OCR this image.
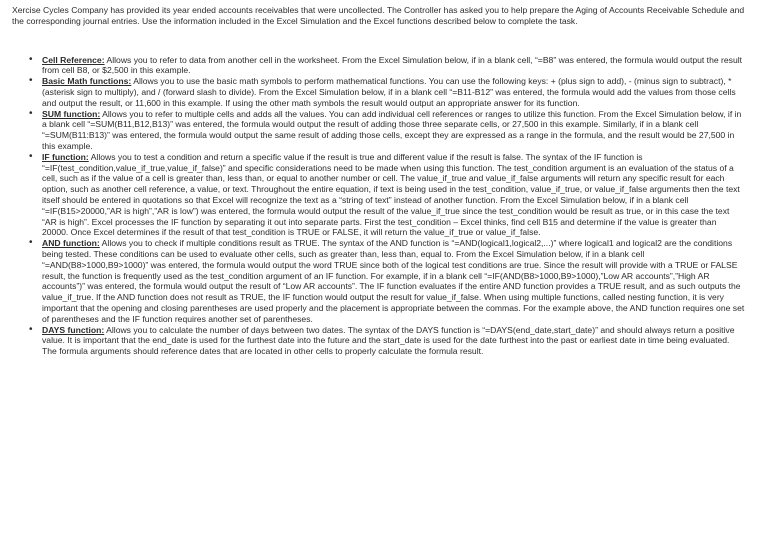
Xercise Cycles Company has provided its year ended accounts receivables that were uncollected. The Controller has asked you to help prepare the Aging of Accounts Receivable Schedule and the corresponding journal entries. Use the information included in the Excel Simulation and the Excel functions described below to complete the task.

• Cell Reference: Allows you to refer to data from another cell in the worksheet. From the Excel Simulation below, if in a blank cell, “=B8” was entered, the formula would output the result from cell B8, or $2,500 in this example.
• Basic Math functions: Allows you to use the basic math symbols to perform mathematical functions. You can use the following keys: + (plus sign to add), - (minus sign to subtract), * (asterisk sign to multiply), and / (forward slash to divide). From the Excel Simulation below, if in a blank cell “=B11-B12” was entered, the formula would add the values from those cells and output the result, or 11,600 in this example. If using the other math symbols the result would output an appropriate answer for its function.
• SUM function: Allows you to refer to multiple cells and adds all the values. You can add individual cell references or ranges to utilize this function. From the Excel Simulation below, if in a blank cell “=SUM(B11,B12,B13)” was entered, the formula would output the result of adding those three separate cells, or 27,500 in this example. Similarly, if in a blank cell “=SUM(B11:B13)” was entered, the formula would output the same result of adding those cells, except they are expressed as a range in the formula, and the result would be 27,500 in this example.
• IF function: Allows you to test a condition and return a specific value if the result is true and different value if the result is false. The syntax of the IF function is “=IF(test_condition,value_if_true,value_if_false)” and specific considerations need to be made when using this function. The test_condition argument is an evaluation of the status of a cell, such as if the value of a cell is greater than, less than, or equal to another number or cell. The value_if_true and value_if_false arguments will return any specific result for each option, such as another cell reference, a value, or text. Throughout the entire equation, if text is being used in the test_condition, value_if_true, or value_if_false arguments then the text itself should be entered in quotations so that Excel will recognize the text as a “string of text” instead of another function. From the Excel Simulation below, if in a blank cell “=IF(B15>20000,”AR is high”,”AR is low”) was entered, the formula would output the result of the value_if_true since the test_condition would be result as true, or in this case the text “AR is high”. Excel processes the IF function by separating it out into separate parts. First the test_condition – Excel thinks, find cell B15 and determine if the value is greater than 20000. Once Excel determines if the result of that test_condition is TRUE or FALSE, it will return the value_if_true or value_if_false.
• AND function: Allows you to check if multiple conditions result as TRUE. The syntax of the AND function is “=AND(logical1,logical2,...)” where logical1 and logical2 are the conditions being tested. These conditions can be used to evaluate other cells, such as greater than, less than, equal to. From the Excel Simulation below, if in a blank cell “=AND(B8>1000,B9>1000)” was entered, the formula would output the word TRUE since both of the logical test conditions are true. Since the result will provide with a TRUE or FALSE result, the function is frequently used as the test_condition argument of an IF function. For example, if in a blank cell “=IF(AND(B8>1000,B9>1000),”Low AR accounts”,”High AR accounts”)” was entered, the formula would output the result of “Low AR accounts”. The IF function evaluates if the entire AND function provides a TRUE result, and as such outputs the value_if_true. If the AND function does not result as TRUE, the IF function would output the result for value_if_false. When using multiple functions, called nesting function, it is very important that the opening and closing parentheses are used properly and the placement is appropriate between the commas. For the example above, the AND function requires one set of parentheses and the IF function requires another set of parentheses.
• DAYS function: Allows you to calculate the number of days between two dates. The syntax of the DAYS function is “=DAYS(end_date,start_date)” and should always return a positive value. It is important that the end_date is used for the furthest date into the future and the start_date is used for the date furthest into the past or earliest date in time being evaluated. The formula arguments should reference dates that are located in other cells to properly calculate the formula result.
